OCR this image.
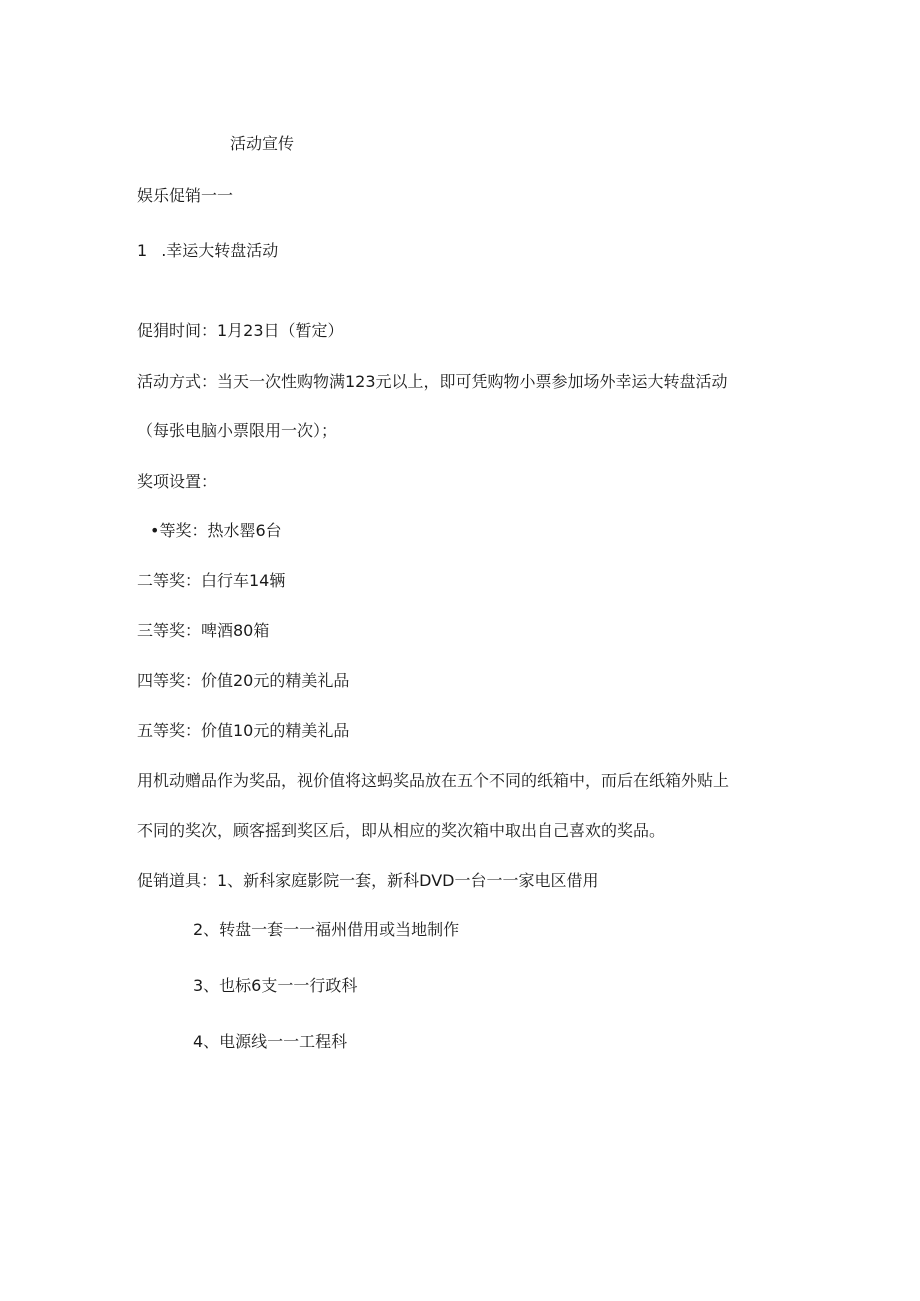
活动宣传
娱乐促销一一
1 .幸运大转盘活动
促狷时间：1月23日（暂定）
活动方式：当天一次性购物满123元以上，即可凭购物小票参加场外幸运大转盘活动
（每张电脑小票限用一次）；
奖项设置：
•等奖：热水罂6台
二等奖：白行车14辆
三等奖：啤酒80箱
四等奖：价值20元的精美礼品
五等奖：价值10元的精美礼品
用机动赠品作为奖品，视价值将这蚂奖品放在五个不同的纸箱中，而后在纸箱外贴上
不同的奖次，顾客摇到奖区后，即从相应的奖次箱中取出自己喜欢的奖品。
促销道具：1、新科家庭影院一套，新科DVD一台一一家电区借用
2、转盘一套一一福州借用或当地制作
3、也标6支一一行政科
4、电源线一一工程科
